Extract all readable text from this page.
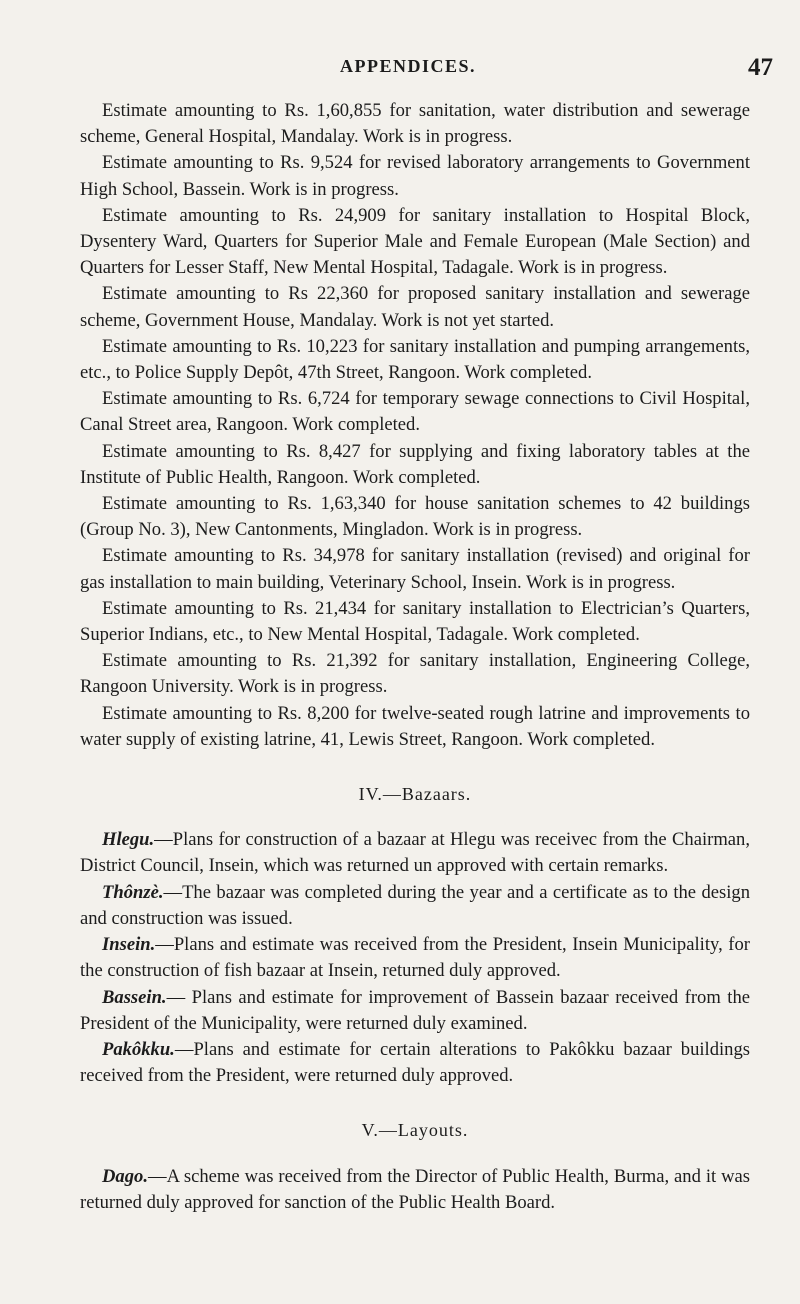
APPENDICES.	47

Estimate amounting to Rs. 1,60,855 for sanitation, water distribution and sewerage scheme, General Hospital, Mandalay. Work is in progress.

Estimate amounting to Rs. 9,524 for revised laboratory arrangements to Government High School, Bassein. Work is in progress.

Estimate amounting to Rs. 24,909 for sanitary installation to Hospital Block, Dysentery Ward, Quarters for Superior Male and Female European (Male Section) and Quarters for Lesser Staff, New Mental Hospital, Tadagale. Work is in progress.

Estimate amounting to Rs 22,360 for proposed sanitary installation and sewerage scheme, Government House, Mandalay. Work is not yet started.

Estimate amounting to Rs. 10,223 for sanitary installation and pumping arrangements, etc., to Police Supply Depôt, 47th Street, Rangoon. Work completed.

Estimate amounting to Rs. 6,724 for temporary sewage connections to Civil Hospital, Canal Street area, Rangoon. Work completed.

Estimate amounting to Rs. 8,427 for supplying and fixing laboratory tables at the Institute of Public Health, Rangoon. Work completed.

Estimate amounting to Rs. 1,63,340 for house sanitation schemes to 42 buildings (Group No. 3), New Cantonments, Mingladon. Work is in progress.

Estimate amounting to Rs. 34,978 for sanitary installation (revised) and original for gas installation to main building, Veterinary School, Insein. Work is in progress.

Estimate amounting to Rs. 21,434 for sanitary installation to Electrician’s Quarters, Superior Indians, etc., to New Mental Hospital, Tadagale. Work completed.

Estimate amounting to Rs. 21,392 for sanitary installation, Engineering College, Rangoon University. Work is in progress.

Estimate amounting to Rs. 8,200 for twelve-seated rough latrine and improvements to water supply of existing latrine, 41, Lewis Street, Rangoon. Work completed.

IV.—Bazaars.

Hlegu.—Plans for construction of a bazaar at Hlegu was receivec from the Chairman, District Council, Insein, which was returned un approved with certain remarks.

Thônzè.—The bazaar was completed during the year and a certificate as to the design and construction was issued.

Insein.—Plans and estimate was received from the President, Insein Municipality, for the construction of fish bazaar at Insein, returned duly approved.

Bassein.— Plans and estimate for improvement of Bassein bazaar received from the President of the Municipality, were returned duly examined.

Pakôkku.—Plans and estimate for certain alterations to Pakôkku bazaar buildings received from the President, were returned duly approved.

V.—Layouts.

Dago.—A scheme was received from the Director of Public Health, Burma, and it was returned duly approved for sanction of the Public Health Board.
